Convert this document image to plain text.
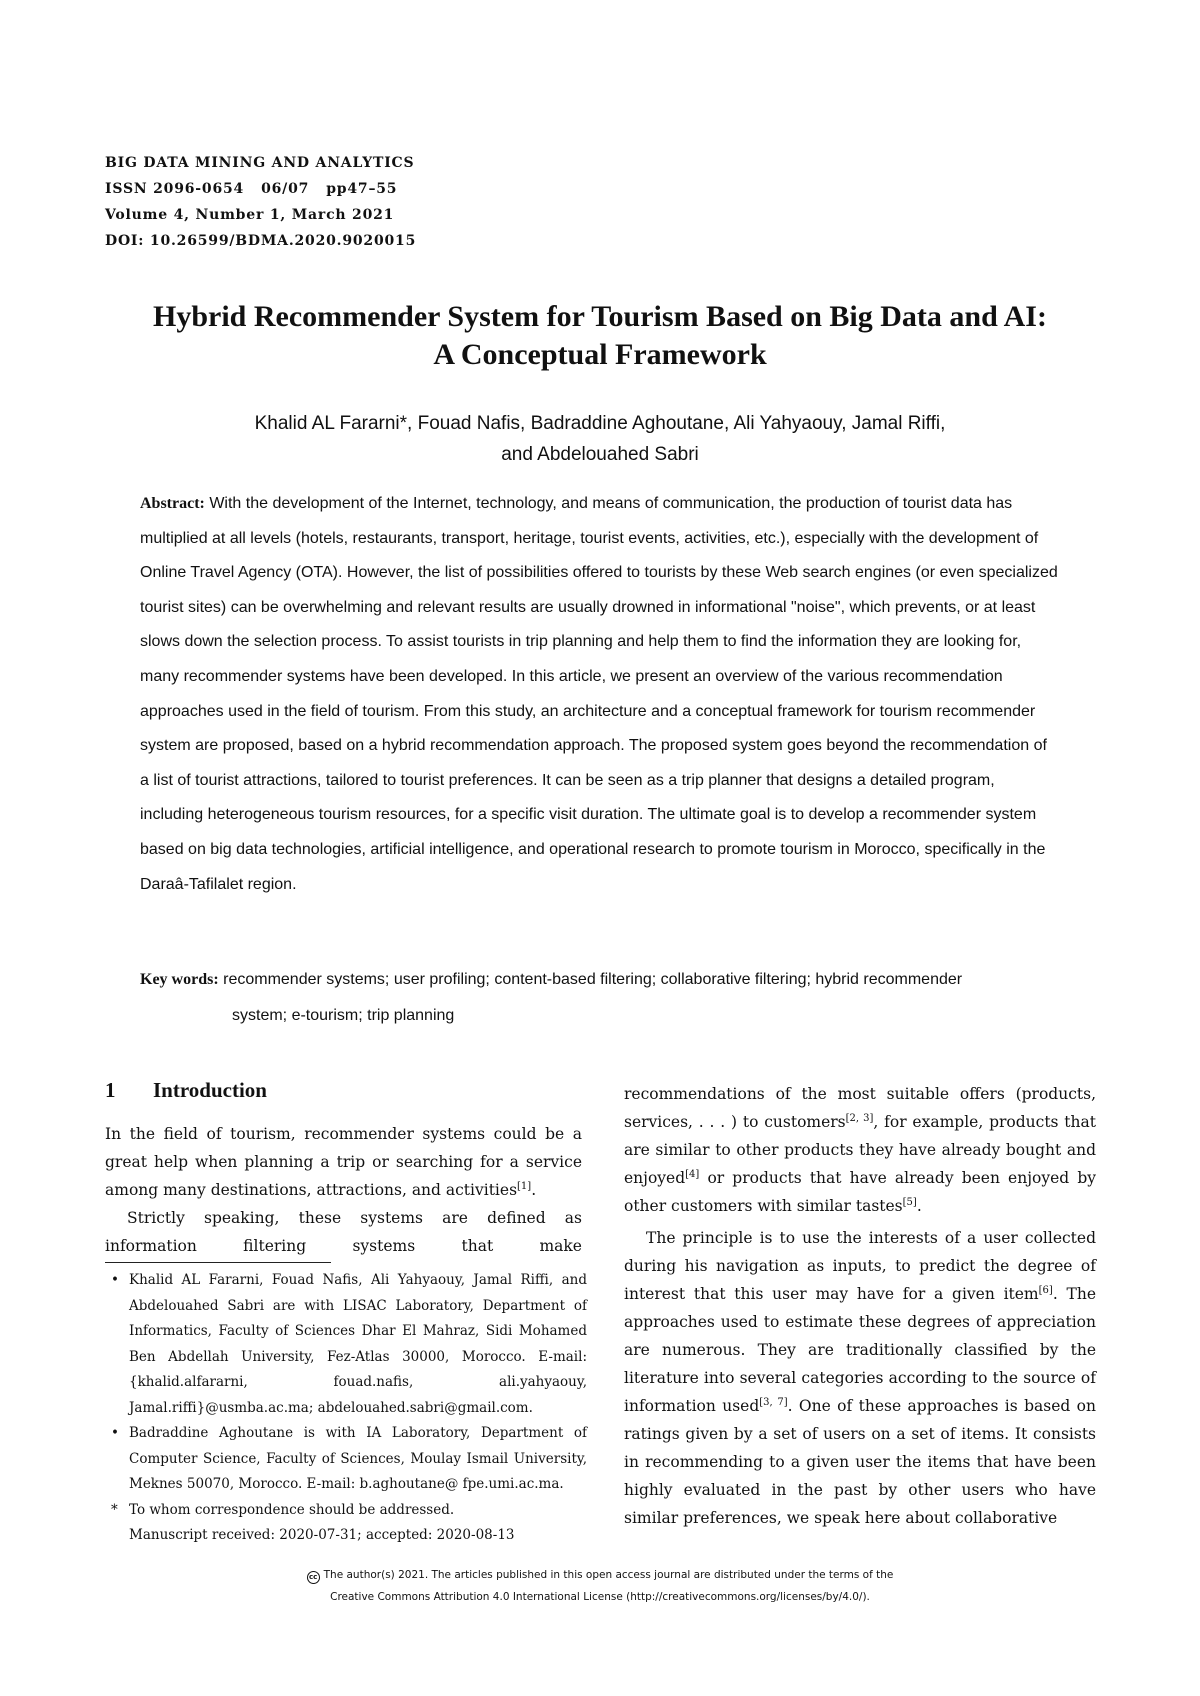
BIG DATA MINING AND ANALYTICS
ISSN 2096-0654   06/07   pp47–55
Volume 4, Number 1, March 2021
DOI: 10.26599/BDMA.2020.9020015
Hybrid Recommender System for Tourism Based on Big Data and AI:
A Conceptual Framework
Khalid AL Fararni*, Fouad Nafis, Badraddine Aghoutane, Ali Yahyaouy, Jamal Riffi,
and Abdelouahed Sabri
Abstract: With the development of the Internet, technology, and means of communication, the production of tourist data has multiplied at all levels (hotels, restaurants, transport, heritage, tourist events, activities, etc.), especially with the development of Online Travel Agency (OTA). However, the list of possibilities offered to tourists by these Web search engines (or even specialized tourist sites) can be overwhelming and relevant results are usually drowned in informational "noise", which prevents, or at least slows down the selection process. To assist tourists in trip planning and help them to find the information they are looking for, many recommender systems have been developed. In this article, we present an overview of the various recommendation approaches used in the field of tourism. From this study, an architecture and a conceptual framework for tourism recommender system are proposed, based on a hybrid recommendation approach. The proposed system goes beyond the recommendation of a list of tourist attractions, tailored to tourist preferences. It can be seen as a trip planner that designs a detailed program, including heterogeneous tourism resources, for a specific visit duration. The ultimate goal is to develop a recommender system based on big data technologies, artificial intelligence, and operational research to promote tourism in Morocco, specifically in the Daraâ-Tafilalet region.
Key words: recommender systems; user profiling; content-based filtering; collaborative filtering; hybrid recommender
system; e-tourism; trip planning
1 Introduction

In the field of tourism, recommender systems could be a great help when planning a trip or searching for a service among many destinations, attractions, and activities[1].

Strictly speaking, these systems are defined as information filtering systems that make

• Khalid AL Fararni, Fouad Nafis, Ali Yahyaouy, Jamal Riffi, and Abdelouahed Sabri are with LISAC Laboratory, Department of Informatics, Faculty of Sciences Dhar El Mahraz, Sidi Mohamed Ben Abdellah University, Fez-Atlas 30000, Morocco. E-mail: {khalid.alfararni, fouad.nafis, ali.yahyaouy, Jamal.riffi}@usmba.ac.ma; abdelouahed.sabri@gmail.com.
• Badraddine Aghoutane is with IA Laboratory, Department of Computer Science, Faculty of Sciences, Moulay Ismail University, Meknes 50070, Morocco. E-mail: b.aghoutane@ fpe.umi.ac.ma.
* To whom correspondence should be addressed.
Manuscript received: 2020-07-31; accepted: 2020-08-13

recommendations of the most suitable offers (products, services, . . . ) to customers[2, 3], for example, products that are similar to other products they have already bought and enjoyed[4] or products that have already been enjoyed by other customers with similar tastes[5].

The principle is to use the interests of a user collected during his navigation as inputs, to predict the degree of interest that this user may have for a given item[6]. The approaches used to estimate these degrees of appreciation are numerous. They are traditionally classified by the literature into several categories according to the source of information used[3, 7]. One of these approaches is based on ratings given by a set of users on a set of items. It consists in recommending to a given user the items that have been highly evaluated in the past by other users who have similar preferences, we speak here about collaborative

cc The author(s) 2021. The articles published in this open access journal are distributed under the terms of the
Creative Commons Attribution 4.0 International License (http://creativecommons.org/licenses/by/4.0/).
